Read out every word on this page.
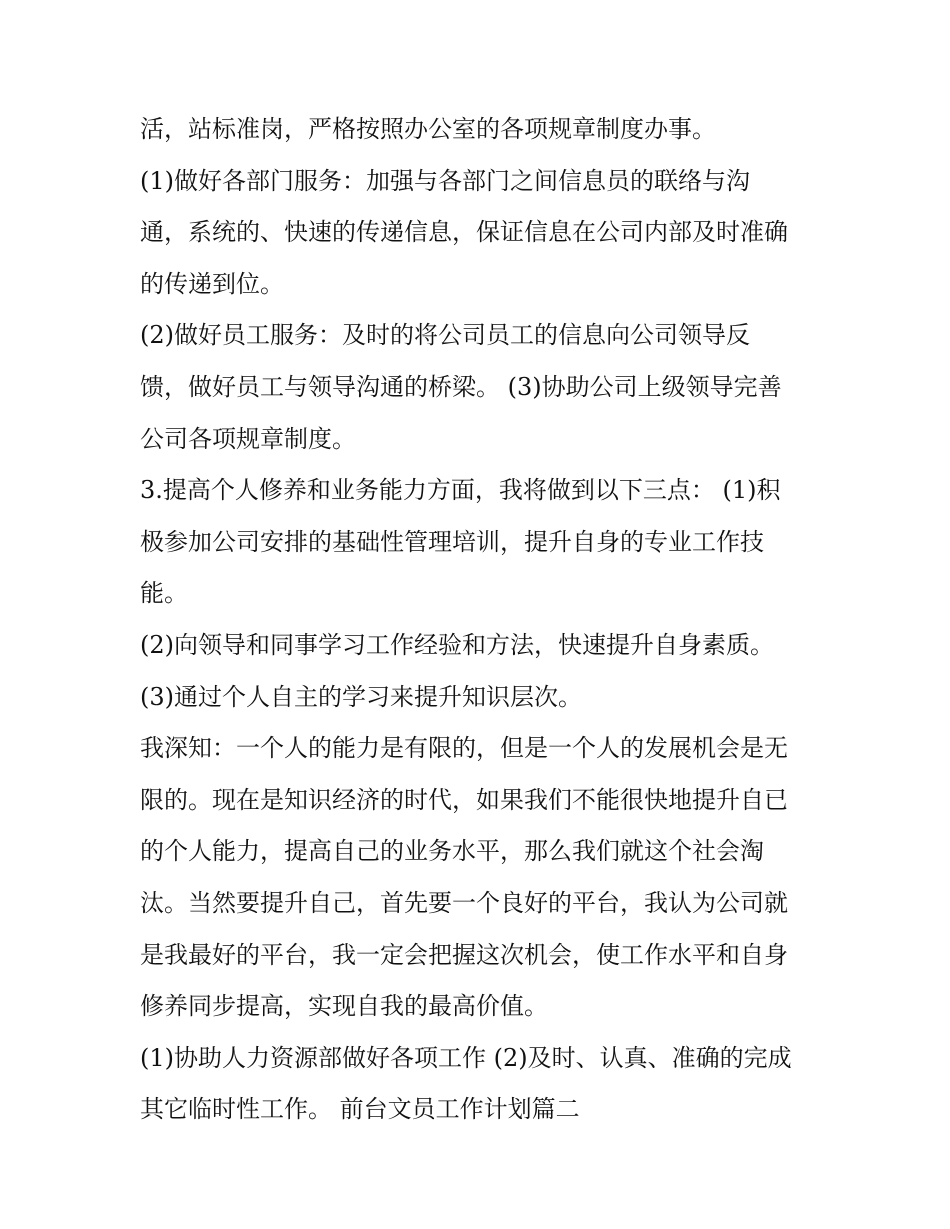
活，站标准岗，严格按照办公室的各项规章制度办事。
(1)做好各部门服务：加强与各部门之间信息员的联络与沟
通，系统的、快速的传递信息，保证信息在公司内部及时准确
的传递到位。
(2)做好员工服务：及时的将公司员工的信息向公司领导反
馈，做好员工与领导沟通的桥梁。 (3)协助公司上级领导完善
公司各项规章制度。
3.提高个人修养和业务能力方面，我将做到以下三点： (1)积
极参加公司安排的基础性管理培训，提升自身的专业工作技
能。
(2)向领导和同事学习工作经验和方法，快速提升自身素质。
(3)通过个人自主的学习来提升知识层次。
我深知：一个人的能力是有限的，但是一个人的发展机会是无
限的。现在是知识经济的时代，如果我们不能很快地提升自已
的个人能力，提高自己的业务水平，那么我们就这个社会淘
汰。当然要提升自己，首先要一个良好的平台，我认为公司就
是我最好的平台，我一定会把握这次机会，使工作水平和自身
修养同步提高，实现自我的最高价值。
(1)协助人力资源部做好各项工作 (2)及时、认真、准确的完成
其它临时性工作。 前台文员工作计划篇二
